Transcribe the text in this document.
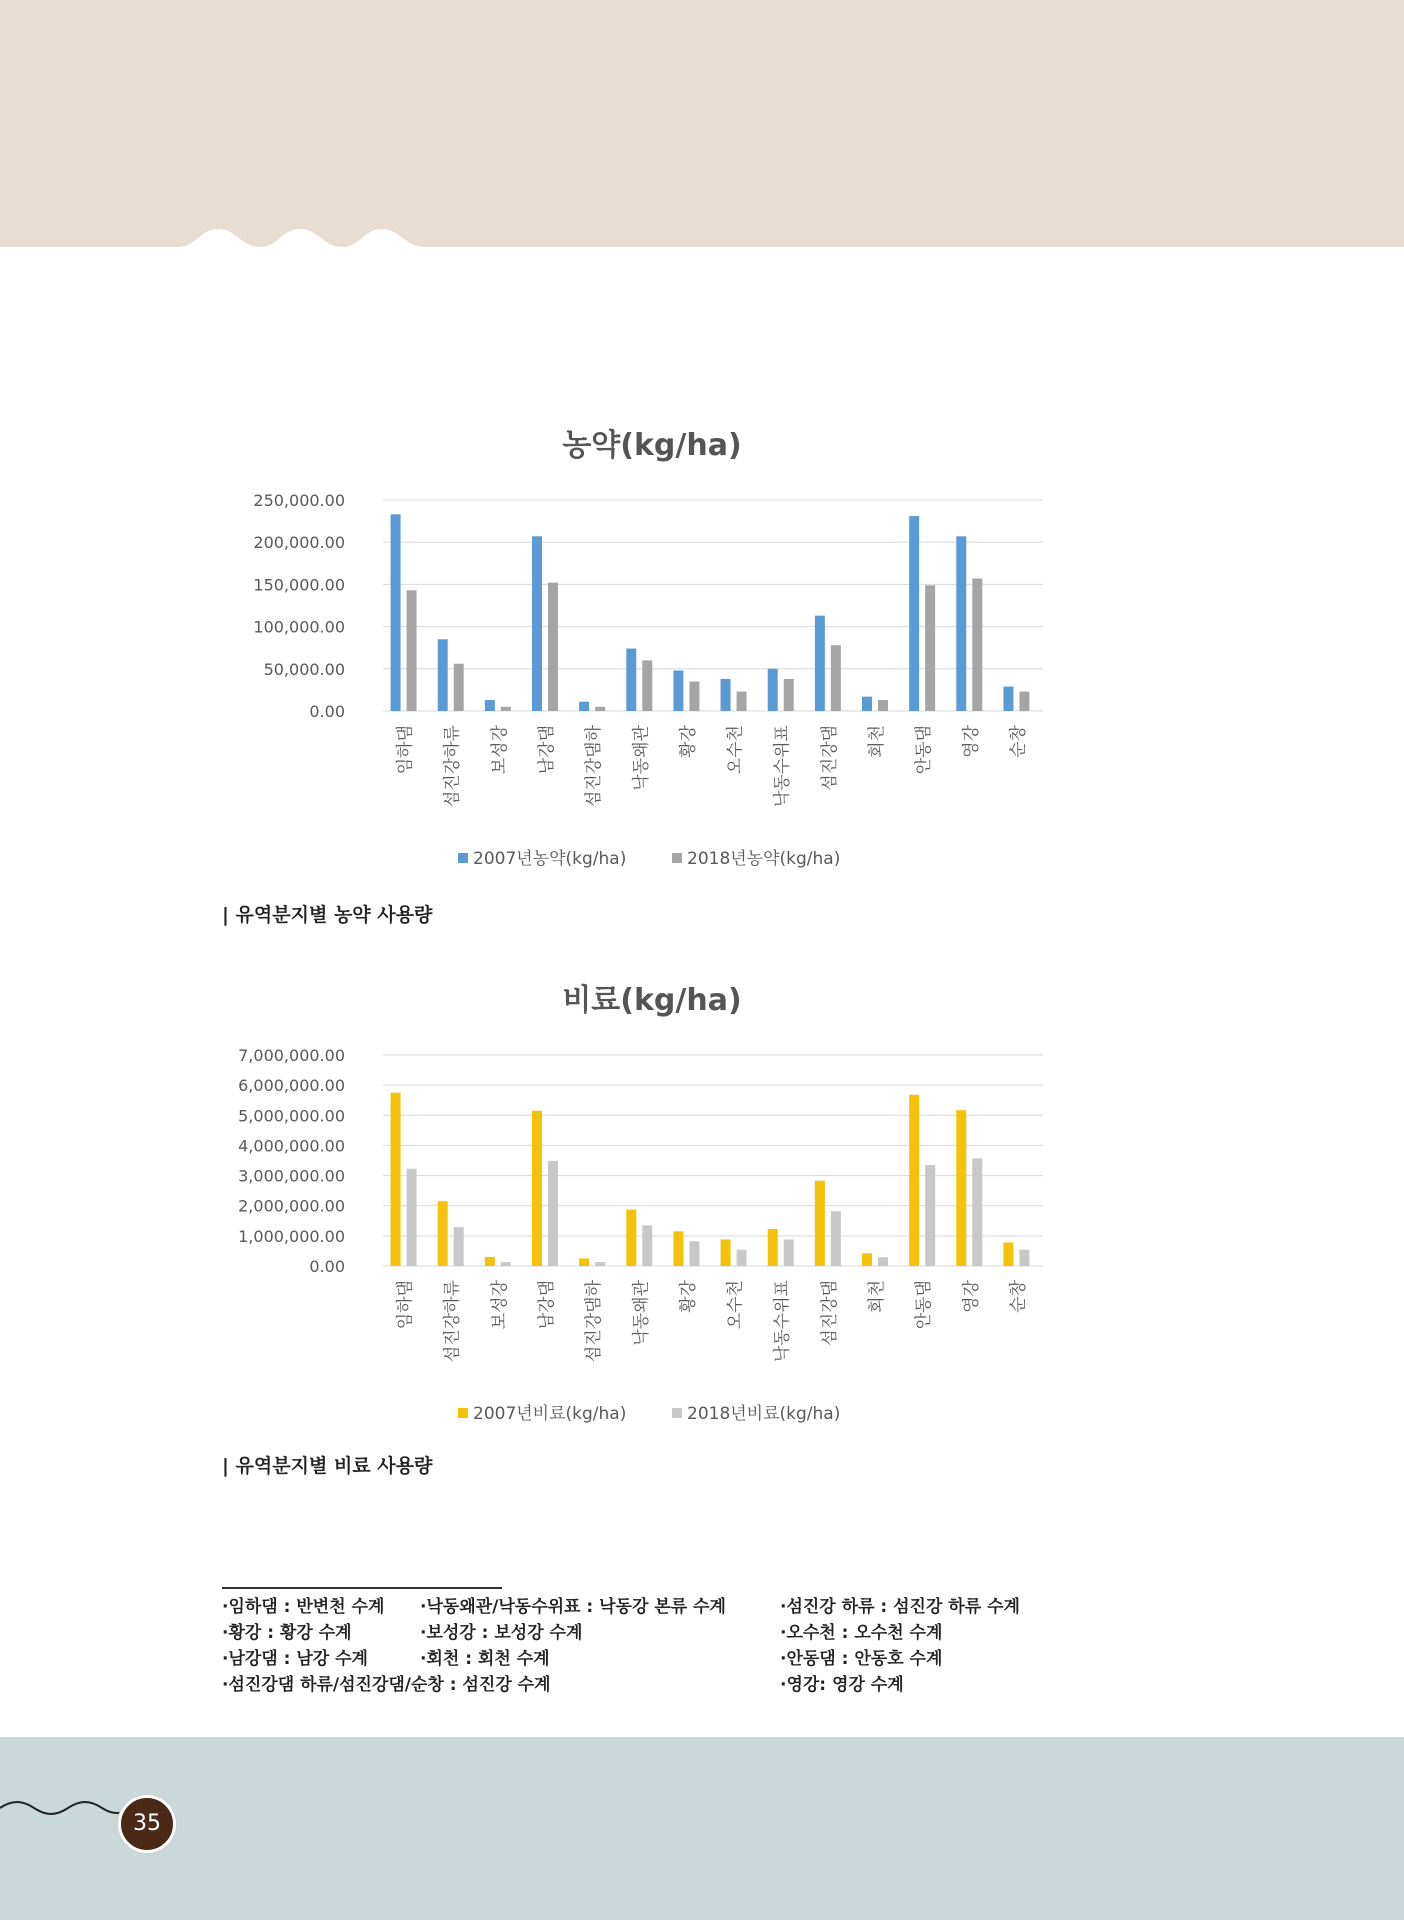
농약(kg/ha)
0.00
50,000.00
100,000.00
150,000.00
200,000.00
250,000.00
임하댐 섬진강하류 보성강 남강댐 섬진강댐하 낙동왜관 황강 오수천 낙동수위표 섬진강댐 회천 안동댐 영강 순창
2007년농약(kg/ha)	2018년농약(kg/ha)
| 유역분지별 농약 사용량
비료(kg/ha)
0.00
1,000,000.00
2,000,000.00
3,000,000.00
4,000,000.00
5,000,000.00
6,000,000.00
7,000,000.00
임하댐 섬진강하류 보성강 남강댐 섬진강댐하 낙동왜관 황강 오수천 낙동수위표 섬진강댐 회천 안동댐 영강 순창
2007년비료(kg/ha)	2018년비료(kg/ha)
| 유역분지별 비료 사용량
·임하댐 : 반변천 수계
·황강 : 황강 수계
·남강댐 : 남강 수계
·섬진강댐 하류/섬진강댐/순창 : 섬진강 수계
·낙동왜관/낙동수위표 : 낙동강 본류 수계
·보성강 : 보성강 수계
·회천 : 회천 수계
·섬진강 하류 : 섬진강 하류 수계
·오수천 : 오수천 수계
·안동댐 : 안동호 수계
·영강: 영강 수계
35
